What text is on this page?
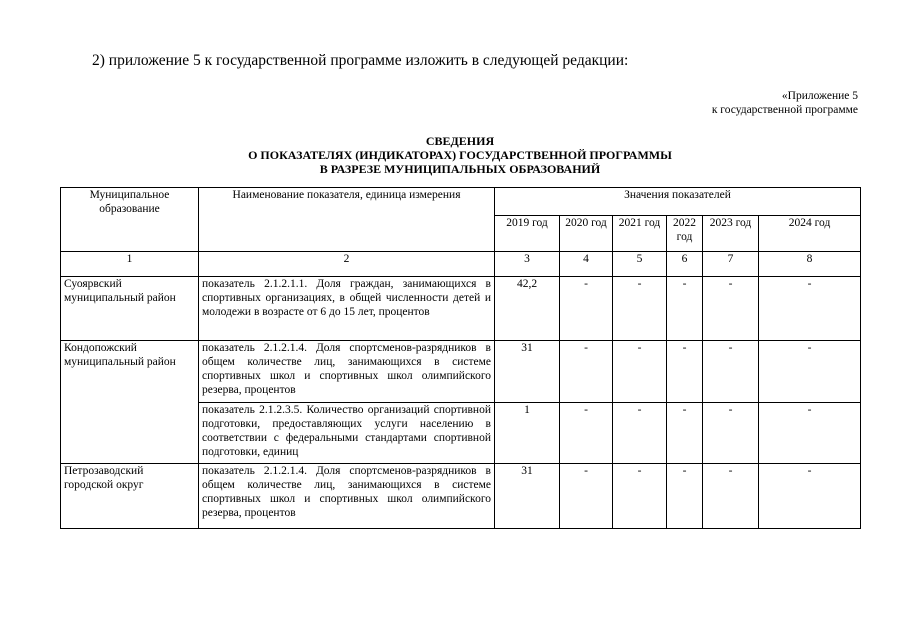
2) приложение 5 к государственной программе изложить в следующей редакции:
«Приложение 5
к государственной программе
СВЕДЕНИЯ
О ПОКАЗАТЕЛЯХ (ИНДИКАТОРАХ) ГОСУДАРСТВЕННОЙ ПРОГРАММЫ
В РАЗРЕЗЕ МУНИЦИПАЛЬНЫХ ОБРАЗОВАНИЙ
Муниципальное образование	Наименование показателя, единица измерения	Значения показателей					
		2019 год	2020 год	2021 год	2022 год	2023 год	2024 год
1	2	3	4	5	6	7	8
Суоярвский муниципальный район	показатель 2.1.2.1.1. Доля граждан, занимающихся в спортивных организациях, в общей численности детей и молодежи в возрасте от 6 до 15 лет, процентов	42,2	-	-	-	-	-
Кондопожский муниципальный район	показатель 2.1.2.1.4. Доля спортсменов-разрядников в общем количестве лиц, занимающихся в системе спортивных школ и спортивных школ олимпийского резерва, процентов	31	-	-	-	-	-
	показатель 2.1.2.3.5. Количество организаций спортивной подготовки, предоставляющих услуги населению в соответствии с федеральными стандартами спортивной подготовки, единиц	1	-	-	-	-	-
Петрозаводский городской округ	показатель 2.1.2.1.4. Доля спортсменов-разрядников в общем количестве лиц, занимающихся в системе спортивных школ и спортивных школ олимпийского резерва, процентов	31	-	-	-	-	-
